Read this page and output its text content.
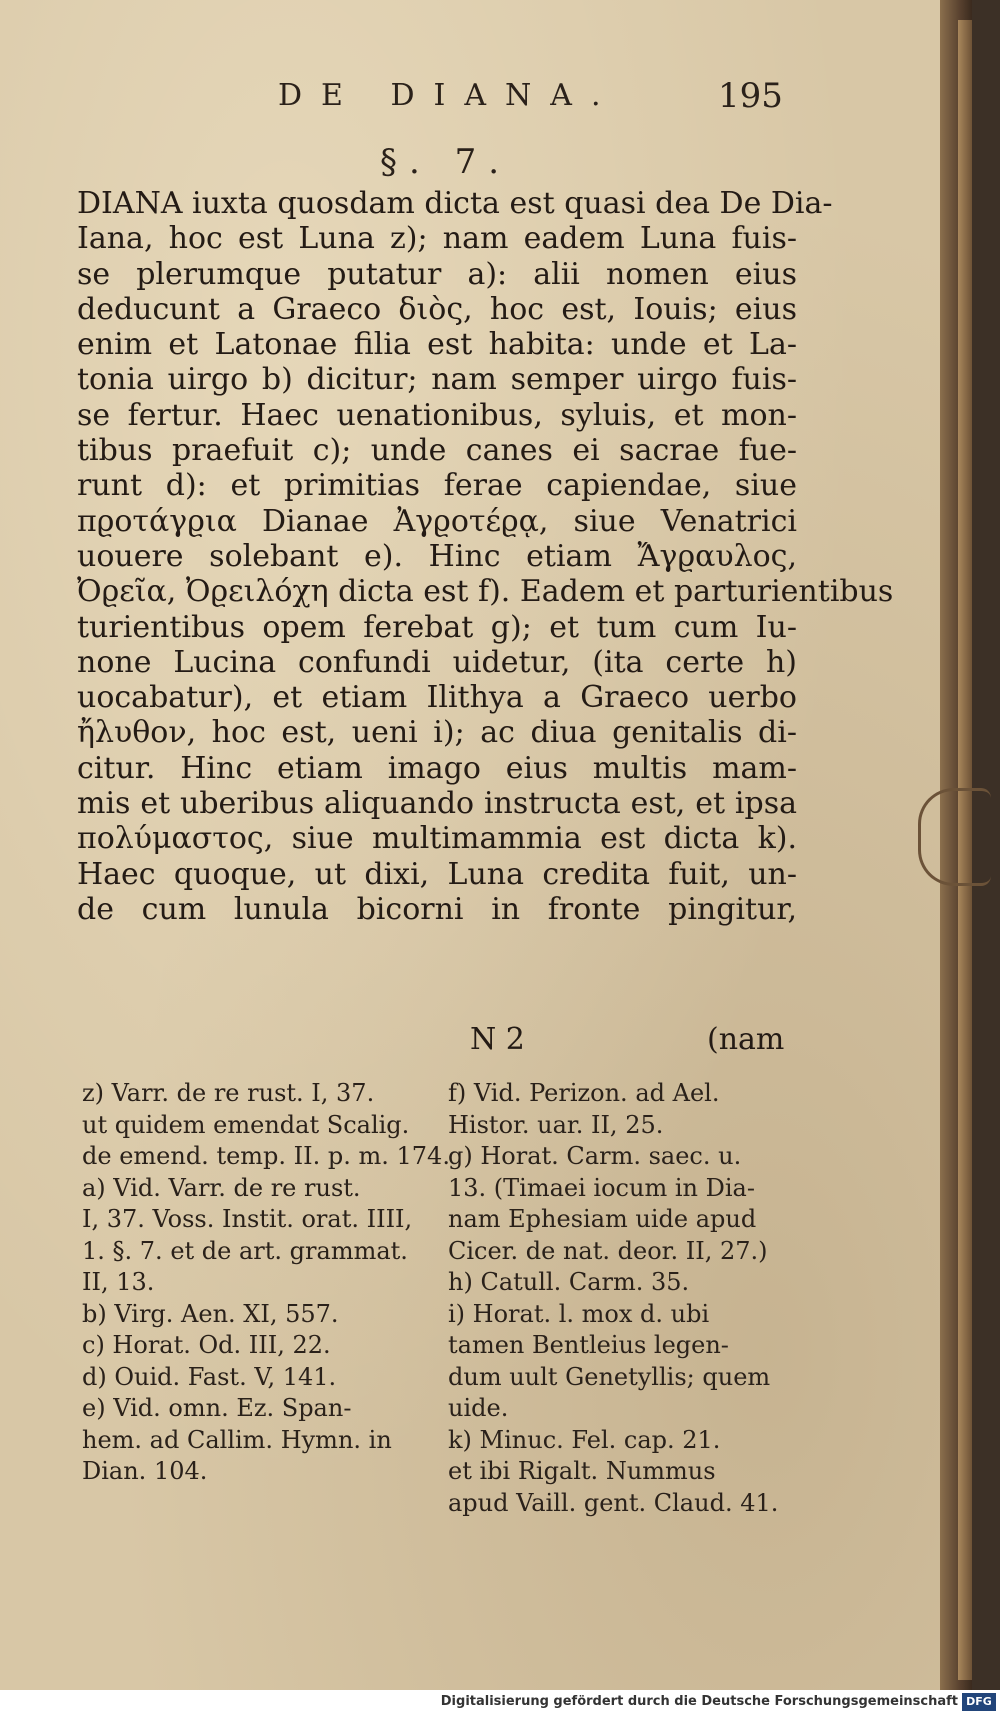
DE DIANA.	195
§. 7.
DIANA iuxta quosdam dicta est quasi dea De Dia-
Iana, hoc est Luna z); nam eadem Luna fuis-
se plerumque putatur a): alii nomen eius
deducunt a Graeco διὸς, hoc est, Iouis; eius
enim et Latonae filia est habita: unde et La-
tonia uirgo b) dicitur; nam semper uirgo fuis-
se fertur. Haec uenationibus, syluis, et mon-
tibus praefuit c); unde canes ei sacrae fue-
runt d): et primitias ferae capiendae, siue
πϱοτάγϱια Dianae Ἀγϱοτέϱᾳ, siue Venatrici
uouere solebant e). Hinc etiam Ἄγϱαυλος,
Ὀϱεῖα, Ὀϱειλόχη dicta est f). Eadem et parturientibus
turientibus opem ferebat g); et tum cum Iu-
none Lucina confundi uidetur, (ita certe h)
uocabatur), et etiam Ilithya a Graeco uerbo
ἤλυθον, hoc est, ueni i); ac diua genitalis di-
citur. Hinc etiam imago eius multis mam-
mis et uberibus aliquando instructa est, et ipsa
πολύμαστος, siue multimammia est dicta k).
Haec quoque, ut dixi, Luna credita fuit, un-
de cum lunula bicorni in fronte pingitur,
N 2	(nam
z) Varr. de re rust. I, 37.
ut quidem emendat Scalig.
de emend. temp. II. p. m. 174.
a) Vid. Varr. de re rust.
I, 37. Voss. Instit. orat. IIII,
1. §. 7. et de art. grammat.
II, 13.
b) Virg. Aen. XI, 557.
c) Horat. Od. III, 22.
d) Ouid. Fast. V, 141.
e) Vid. omn. Ez. Span-
hem. ad Callim. Hymn. in
Dian. 104.
f) Vid. Perizon. ad Ael.
Histor. uar. II, 25.
g) Horat. Carm. saec. u.
13. (Timaei iocum in Dia-
nam Ephesiam uide apud
Cicer. de nat. deor. II, 27.)
h) Catull. Carm. 35.
i) Horat. l. mox d. ubi
tamen Bentleius legen-
dum uult Genetyllis; quem
uide.
k) Minuc. Fel. cap. 21.
et ibi Rigalt. Nummus
apud Vaill. gent. Claud. 41.
Digitalisierung gefördert durch die Deutsche Forschungsgemeinschaft DFG
